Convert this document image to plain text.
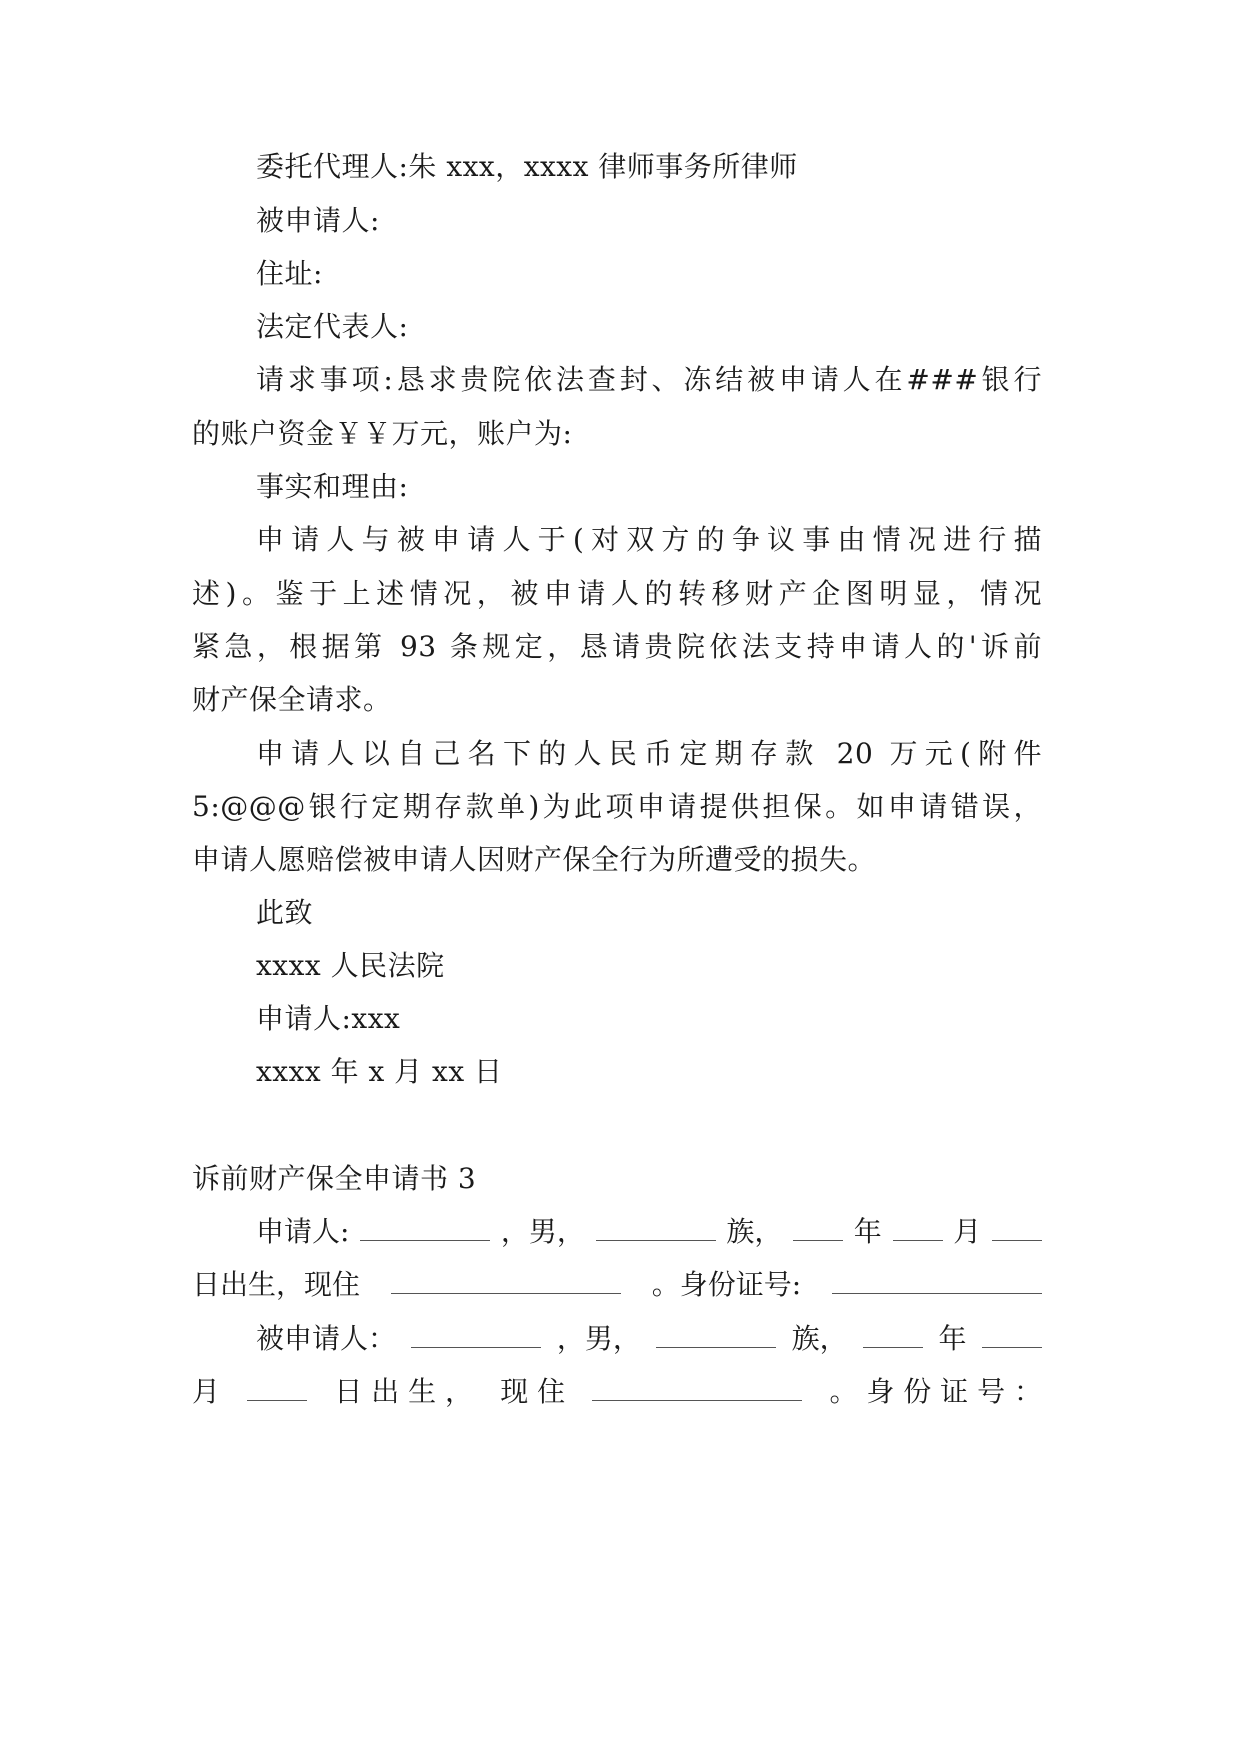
委托代理人:朱 xxx，xxxx 律师事务所律师
被申请人:
住址:
法定代表人:
请求事项:恳求贵院依法查封、冻结被申请人在###银行
的账户资金￥￥万元，账户为:
事实和理由:
申请人与被申请人于(对双方的争议事由情况进行描
述)。鉴于上述情况，被申请人的转移财产企图明显，情况
紧急，根据第 93 条规定，恳请贵院依法支持申请人的'诉前
财产保全请求。
申请人以自己名下的人民币定期存款 20 万元(附件
5:@@@银行定期存款单)为此项申请提供担保。如申请错误，
申请人愿赔偿被申请人因财产保全行为所遭受的损失。
此致
xxxx 人民法院
申请人:xxx
xxxx 年 x 月 xx 日
诉前财产保全申请书 3
申请人:	，男，	族，	年	月
日出生，现住	。身份证号:
被申请人：	，男，	族，	年
月	日 出 生 ， 现 住	。 身 份 证 号 ：
